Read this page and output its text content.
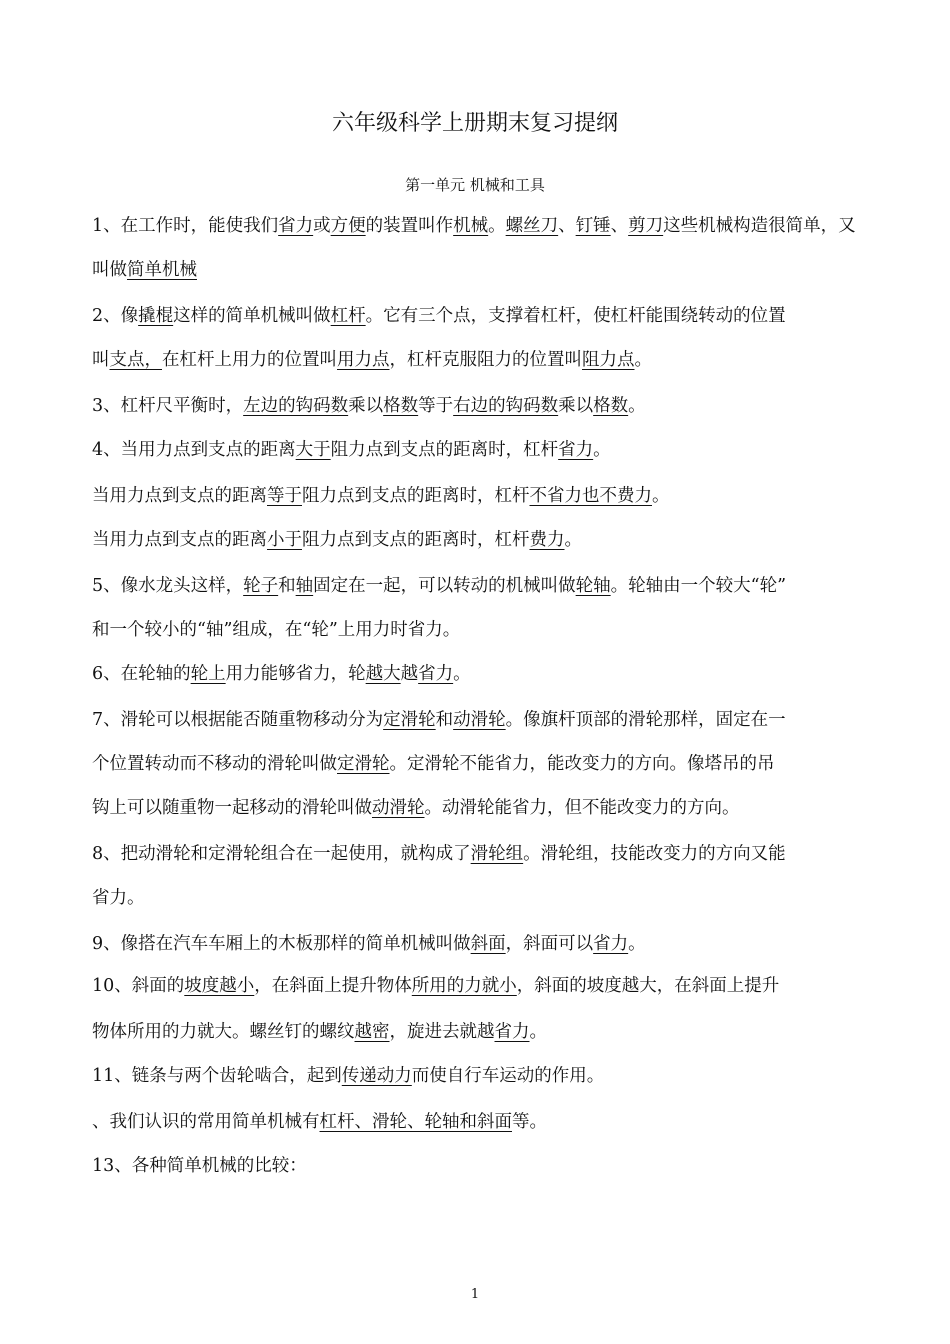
六年级科学上册期末复习提纲
第一单元 机械和工具
1、在工作时，能使我们省力或方便的装置叫作机械。螺丝刀、钉锤、剪刀这些机械构造很简单，又
叫做简单机械
2、像撬棍这样的简单机械叫做杠杆。它有三个点，支撑着杠杆，使杠杆能围绕转动的位置
叫支点，在杠杆上用力的位置叫用力点，杠杆克服阻力的位置叫阻力点。
3、杠杆尺平衡时，左边的钩码数乘以格数等于右边的钩码数乘以格数。
4、当用力点到支点的距离大于阻力点到支点的距离时，杠杆省力。
当用力点到支点的距离等于阻力点到支点的距离时，杠杆不省力也不费力。
当用力点到支点的距离小于阻力点到支点的距离时，杠杆费力。
5、像水龙头这样，轮子和轴固定在一起，可以转动的机械叫做轮轴。轮轴由一个较大“轮”
和一个较小的“轴”组成，在“轮”上用力时省力。
6、在轮轴的轮上用力能够省力，轮越大越省力。
7、滑轮可以根据能否随重物移动分为定滑轮和动滑轮。像旗杆顶部的滑轮那样，固定在一
个位置转动而不移动的滑轮叫做定滑轮。定滑轮不能省力，能改变力的方向。像塔吊的吊
钩上可以随重物一起移动的滑轮叫做动滑轮。动滑轮能省力，但不能改变力的方向。
8、把动滑轮和定滑轮组合在一起使用，就构成了滑轮组。滑轮组，技能改变力的方向又能
省力。
9、像搭在汽车车厢上的木板那样的简单机械叫做斜面，斜面可以省力。
10、斜面的坡度越小，在斜面上提升物体所用的力就小，斜面的坡度越大，在斜面上提升
物体所用的力就大。螺丝钉的螺纹越密，旋进去就越省力。
11、链条与两个齿轮啮合，起到传递动力而使自行车运动的作用。
、我们认识的常用简单机械有杠杆、滑轮、轮轴和斜面等。
13、各种简单机械的比较：
1
